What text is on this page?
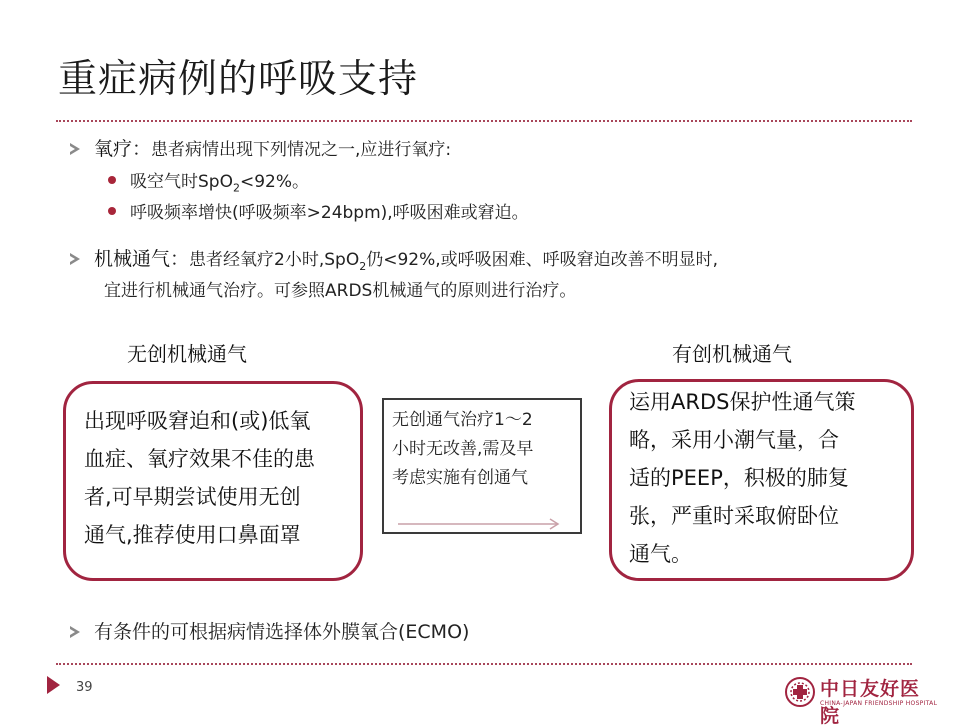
重症病例的呼吸支持
氧疗：患者病情出现下列情况之一,应进行氧疗:
吸空气时SpO$_2$<92%。
呼吸频率增快(呼吸频率>24bpm),呼吸困难或窘迫。
机械通气：患者经氧疗2小时,SpO$_2$仍<92%,或呼吸困难、呼吸窘迫改善不明显时,
宜进行机械通气治疗。可参照ARDS机械通气的原则进行治疗。
无创机械通气	有创机械通气
出现呼吸窘迫和(或)低氧
血症、氧疗效果不佳的患
者,可早期尝试使用无创
通气,推荐使用口鼻面罩
无创通气治疗1～2
小时无改善,需及早
考虑实施有创通气
运用ARDS保护性通气策
略，采用小潮气量，合
适的PEEP，积极的肺复
张，严重时采取俯卧位
通气。
有条件的可根据病情选择体外膜氧合(ECMO)
39	中日友好医院
CHINA-JAPAN FRIENDSHIP HOSPITAL
